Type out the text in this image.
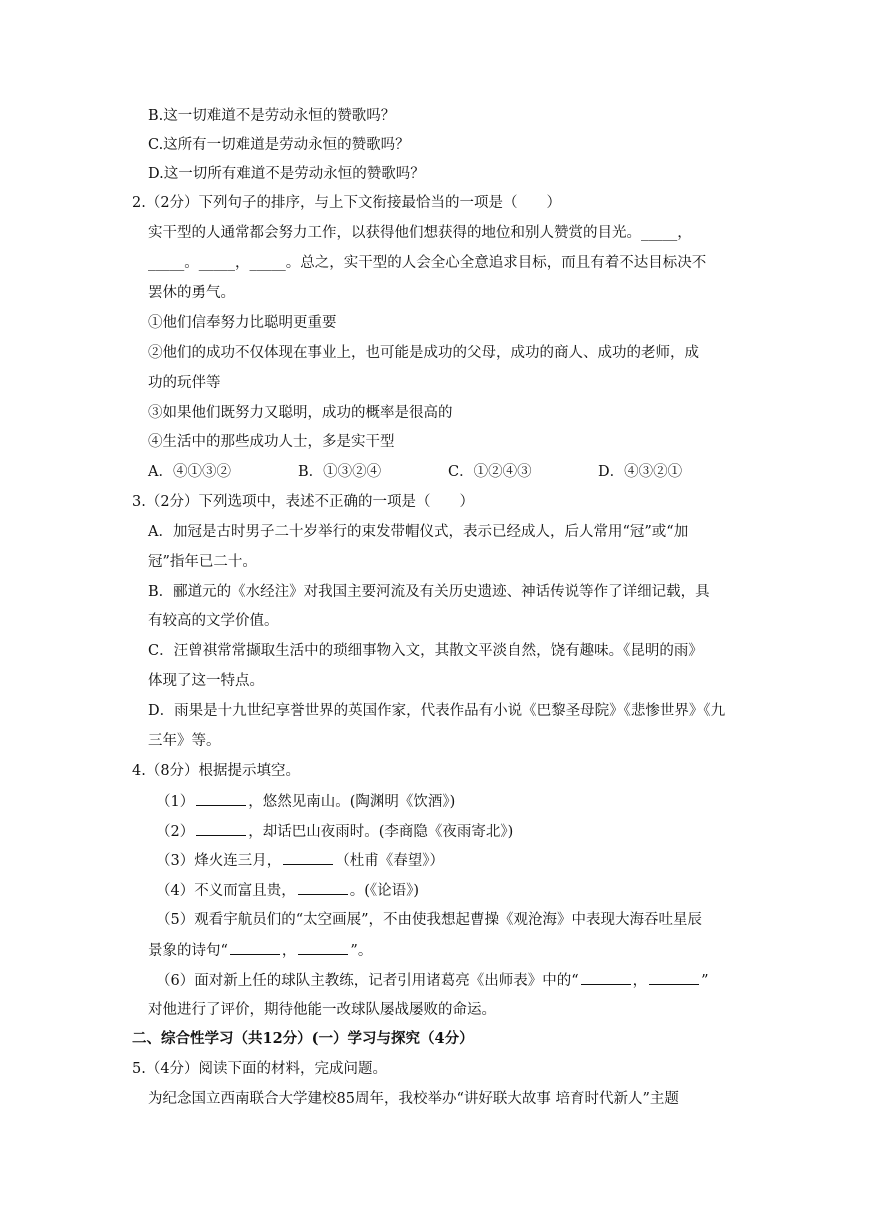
B.这一切难道不是劳动永恒的赞歌吗？
C.这所有一切难道是劳动永恒的赞歌吗？
D.这一切所有难道不是劳动永恒的赞歌吗？
2.（2分）下列句子的排序，与上下文衔接最恰当的一项是（　　）
实干型的人通常都会努力工作，以获得他们想获得的地位和别人赞赏的目光。_____，
_____。_____，_____。总之，实干型的人会全心全意追求目标，而且有着不达目标决不
罢休的勇气。
①他们信奉努力比聪明更重要
②他们的成功不仅体现在事业上，也可能是成功的父母，成功的商人、成功的老师，成
功的玩伴等
③如果他们既努力又聪明，成功的概率是很高的
④生活中的那些成功人士，多是实干型
A．④①③②	B．①③②④	C．①②④③	D．④③②①
3.（2分）下列选项中，表述不正确的一项是（　　）
A．加冠是古时男子二十岁举行的束发带帽仪式，表示已经成人，后人常用“冠”或“加
冠”指年已二十。
B．郦道元的《水经注》对我国主要河流及有关历史遗迹、神话传说等作了详细记载，具
有较高的文学价值。
C．汪曾祺常常撷取生活中的琐细事物入文，其散文平淡自然，饶有趣味。《昆明的雨》
体现了这一特点。
D．雨果是十九世纪享誉世界的英国作家，代表作品有小说《巴黎圣母院》《悲惨世界》《九
三年》等。
4.（8分）根据提示填空。
（1）	，悠然见南山。(陶渊明《饮酒》)
（2）	，却话巴山夜雨时。(李商隐《夜雨寄北》)
（3）烽火连三月，	（杜甫《春望》）
（4）不义而富且贵，	。(《论语》)
（5）观看宇航员们的“太空画展”，不由使我想起曹操《观沧海》中表现大海吞吐星辰
景象的诗句“	，	”。
（6）面对新上任的球队主教练，记者引用诸葛亮《出师表》中的“	，	”
对他进行了评价，期待他能一改球队屡战屡败的命运。
二、综合性学习（共12分）(一）学习与探究（4分）
5.（4分）阅读下面的材料，完成问题。
为纪念国立西南联合大学建校85周年，我校举办“讲好联大故事 培育时代新人”主题
